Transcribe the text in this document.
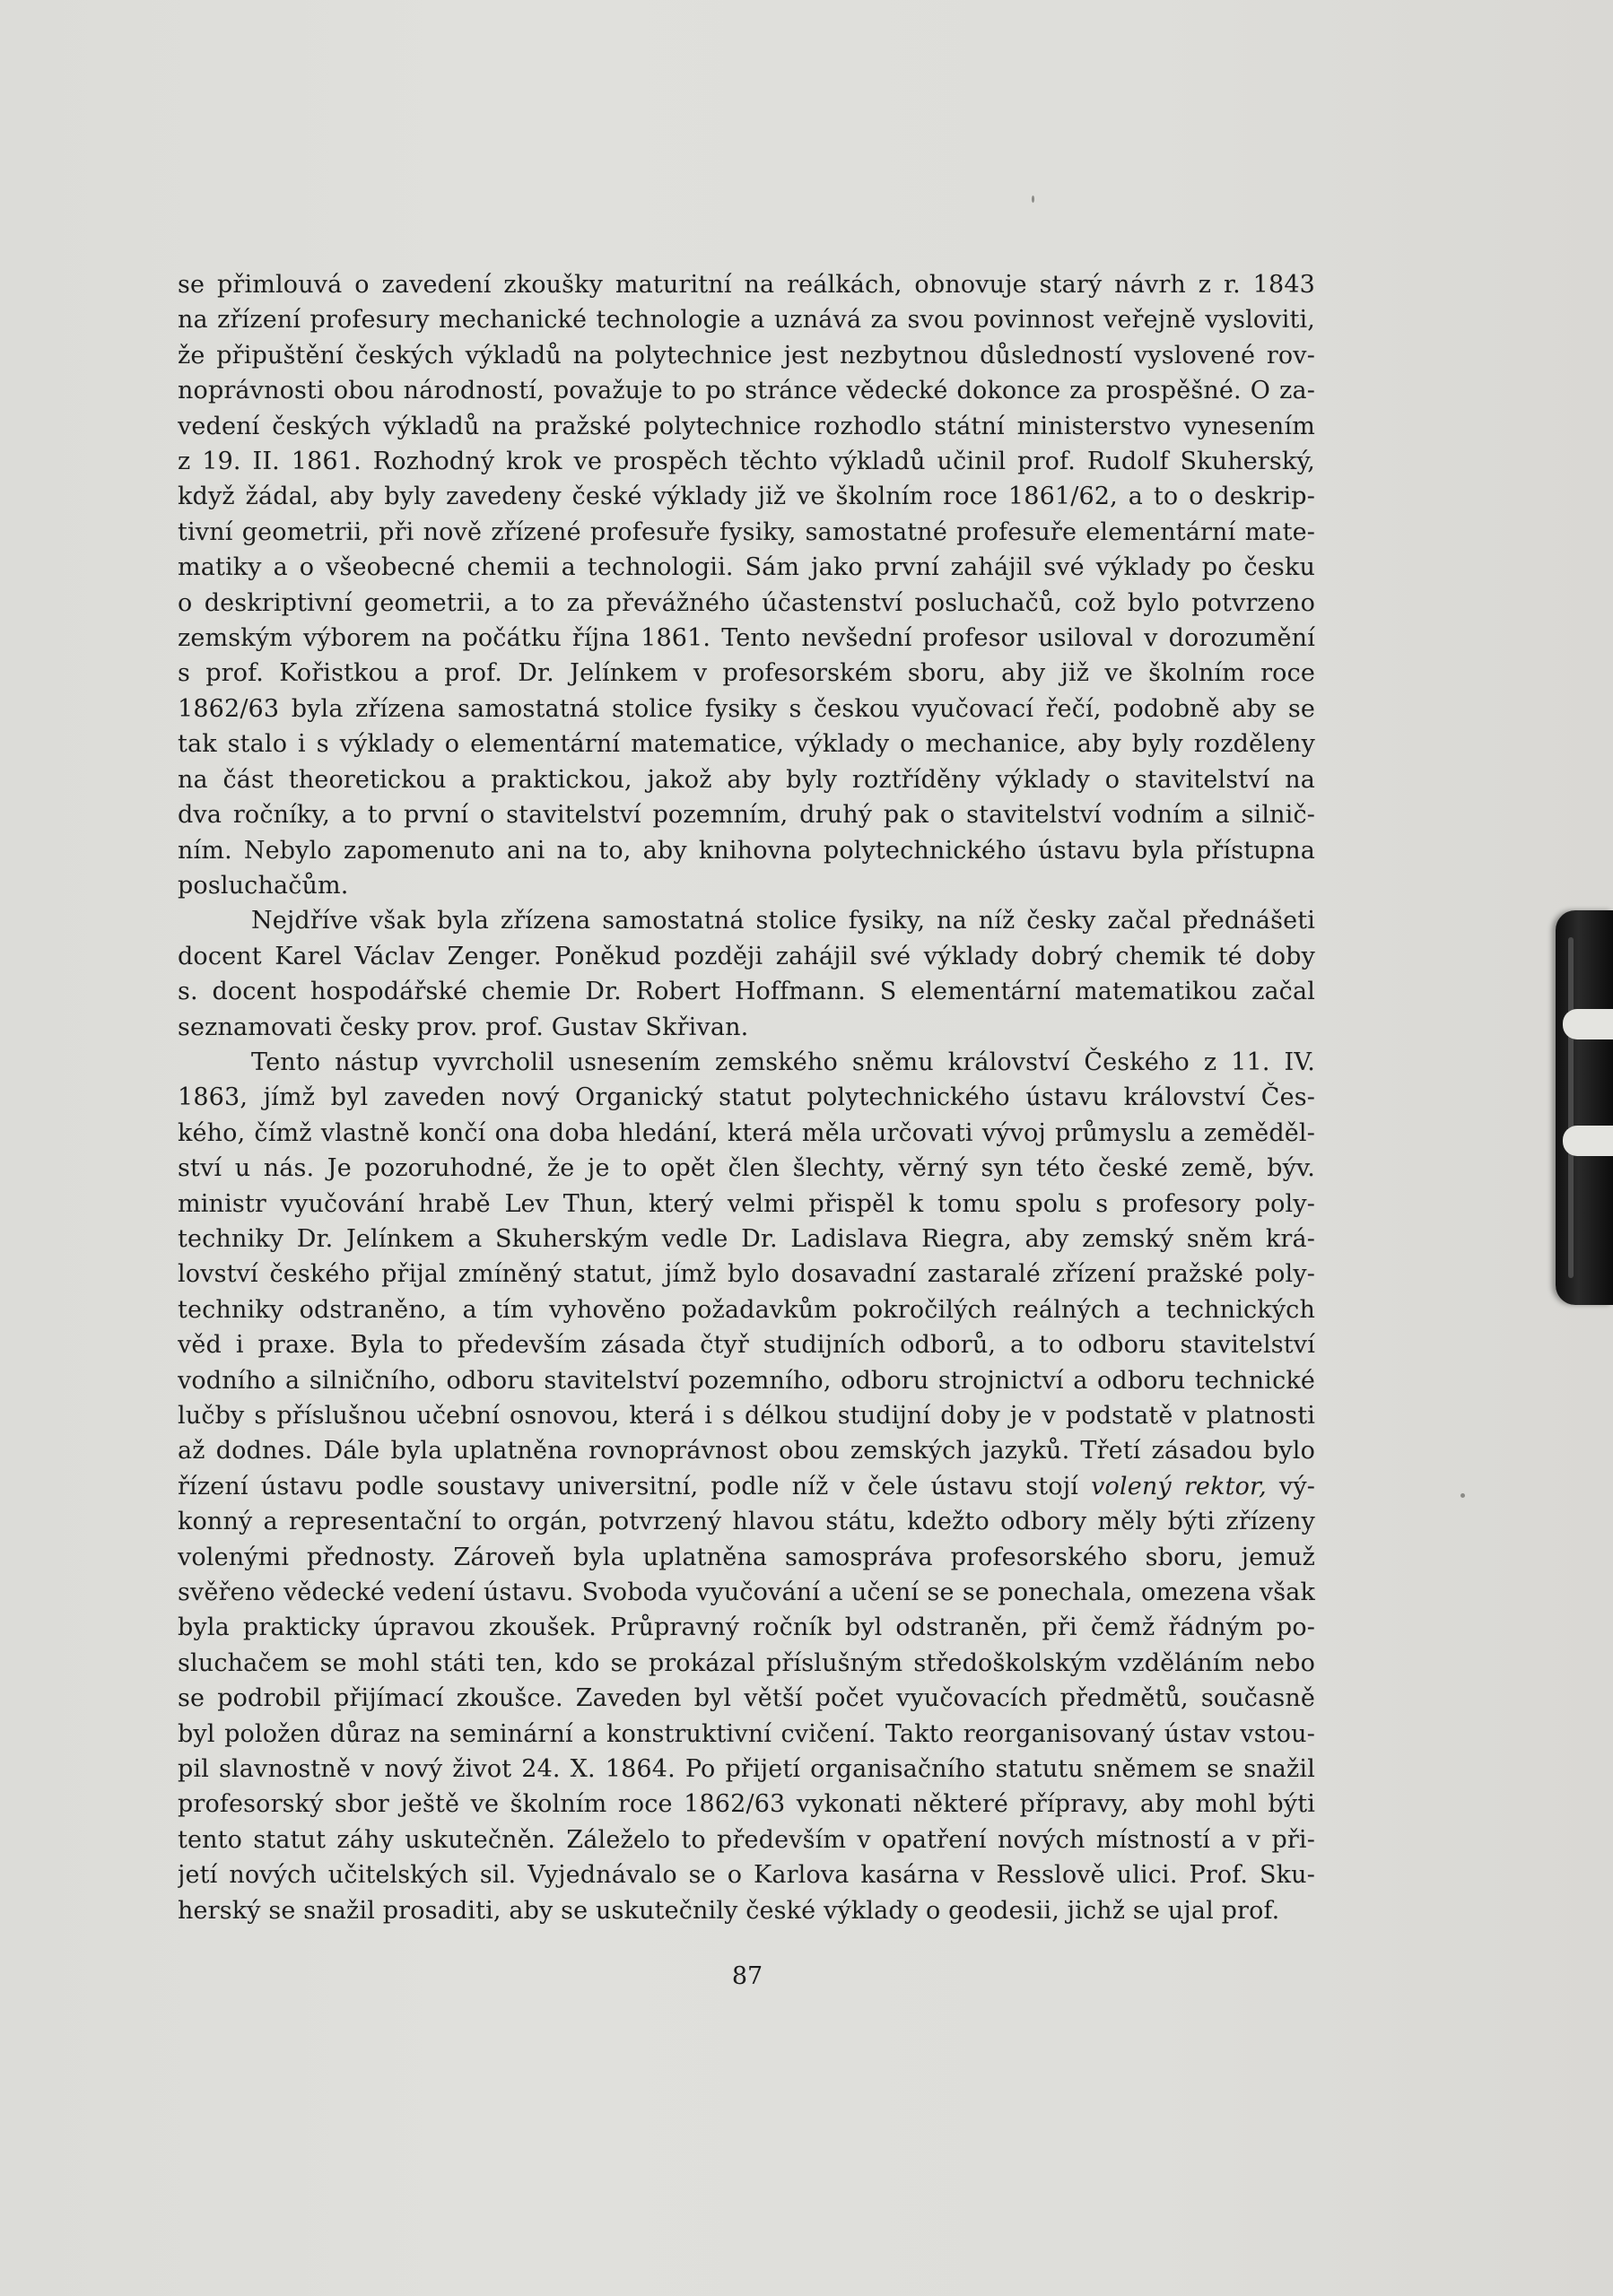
se přimlouvá o zavedení zkoušky maturitní na reálkách, obnovuje starý návrh z r. 1843
na zřízení profesury mechanické technologie a uznává za svou povinnost veřejně vysloviti,
že připuštění českých výkladů na polytechnice jest nezbytnou důsledností vyslovené rov-
noprávnosti obou národností, považuje to po stránce vědecké dokonce za prospěšné. O za-
vedení českých výkladů na pražské polytechnice rozhodlo státní ministerstvo vynesením
z 19. II. 1861. Rozhodný krok ve prospěch těchto výkladů učinil prof. Rudolf Skuherský,
když žádal, aby byly zavedeny české výklady již ve školním roce 1861/62, a to o deskrip-
tivní geometrii, při nově zřízené profesuře fysiky, samostatné profesuře elementární mate-
matiky a o všeobecné chemii a technologii. Sám jako první zahájil své výklady po česku
o deskriptivní geometrii, a to za převážného účastenství posluchačů, což bylo potvrzeno
zemským výborem na počátku října 1861. Tento nevšední profesor usiloval v dorozumění
s prof. Kořistkou a prof. Dr. Jelínkem v profesorském sboru, aby již ve školním roce
1862/63 byla zřízena samostatná stolice fysiky s českou vyučovací řečí, podobně aby se
tak stalo i s výklady o elementární matematice, výklady o mechanice, aby byly rozděleny
na část theoretickou a praktickou, jakož aby byly roztříděny výklady o stavitelství na
dva ročníky, a to první o stavitelství pozemním, druhý pak o stavitelství vodním a silnič-
ním. Nebylo zapomenuto ani na to, aby knihovna polytechnického ústavu byla přístupna
posluchačům.
Nejdříve však byla zřízena samostatná stolice fysiky, na níž česky začal přednášeti
docent Karel Václav Zenger. Poněkud později zahájil své výklady dobrý chemik té doby
s. docent hospodářské chemie Dr. Robert Hoffmann. S elementární matematikou začal
seznamovati česky prov. prof. Gustav Skřivan.
Tento nástup vyvrcholil usnesením zemského sněmu království Českého z 11. IV.
1863, jímž byl zaveden nový Organický statut polytechnického ústavu království Čes-
kého, čímž vlastně končí ona doba hledání, která měla určovati vývoj průmyslu a zeměděl-
ství u nás. Je pozoruhodné, že je to opět člen šlechty, věrný syn této české země, býv.
ministr vyučování hrabě Lev Thun, který velmi přispěl k tomu spolu s profesory poly-
techniky Dr. Jelínkem a Skuherským vedle Dr. Ladislava Riegra, aby zemský sněm krá-
lovství českého přijal zmíněný statut, jímž bylo dosavadní zastaralé zřízení pražské poly-
techniky odstraněno, a tím vyhověno požadavkům pokročilých reálných a technických
věd i praxe. Byla to především zásada čtyř studijních odborů, a to odboru stavitelství
vodního a silničního, odboru stavitelství pozemního, odboru strojnictví a odboru technické
lučby s příslušnou učební osnovou, která i s délkou studijní doby je v podstatě v platnosti
až dodnes. Dále byla uplatněna rovnoprávnost obou zemských jazyků. Třetí zásadou bylo
řízení ústavu podle soustavy universitní, podle níž v čele ústavu stojí volený rektor, vý-
konný a representační to orgán, potvrzený hlavou státu, kdežto odbory měly býti zřízeny
volenými přednosty. Zároveň byla uplatněna samospráva profesorského sboru, jemuž
svěřeno vědecké vedení ústavu. Svoboda vyučování a učení se se ponechala, omezena však
byla prakticky úpravou zkoušek. Průpravný ročník byl odstraněn, při čemž řádným po-
sluchačem se mohl státi ten, kdo se prokázal příslušným středoškolským vzděláním nebo
se podrobil přijímací zkoušce. Zaveden byl větší počet vyučovacích předmětů, současně
byl položen důraz na seminární a konstruktivní cvičení. Takto reorganisovaný ústav vstou-
pil slavnostně v nový život 24. X. 1864. Po přijetí organisačního statutu sněmem se snažil
profesorský sbor ještě ve školním roce 1862/63 vykonati některé přípravy, aby mohl býti
tento statut záhy uskutečněn. Záleželo to především v opatření nových místností a v při-
jetí nových učitelských sil. Vyjednávalo se o Karlova kasárna v Resslově ulici. Prof. Sku-
herský se snažil prosaditi, aby se uskutečnily české výklady o geodesii, jichž se ujal prof.
87
